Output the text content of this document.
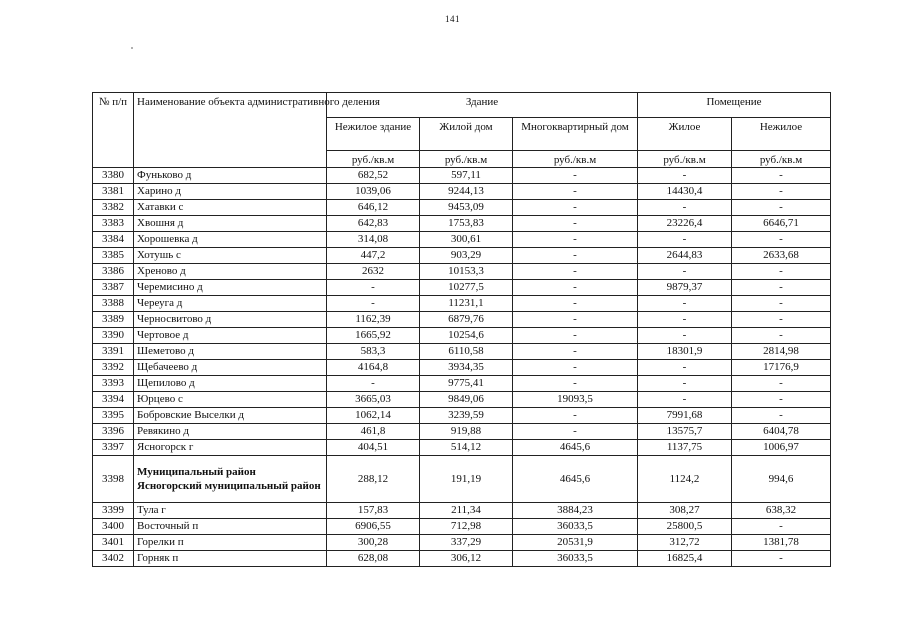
141
№ п/п	Наименование объекта административного деления	Здание			Помещение	
		Нежилое здание	Жилой дом	Многоквартирный дом	Жилое	Нежилое
		руб./кв.м	руб./кв.м	руб./кв.м	руб./кв.м	руб./кв.м
3380	Фуньково д	682,52	597,11	-	-	-
3381	Харино д	1039,06	9244,13	-	14430,4	-
3382	Хатавки с	646,12	9453,09	-	-	-
3383	Хвошня д	642,83	1753,83	-	23226,4	6646,71
3384	Хорошевка д	314,08	300,61	-	-	-
3385	Хотушь с	447,2	903,29	-	2644,83	2633,68
3386	Хреново д	2632	10153,3	-	-	-
3387	Черемисино д	-	10277,5	-	9879,37	-
3388	Череуга д	-	11231,1	-	-	-
3389	Черносвитово д	1162,39	6879,76	-	-	-
3390	Чертовое д	1665,92	10254,6	-	-	-
3391	Шеметово д	583,3	6110,58	-	18301,9	2814,98
3392	Щебачеево д	4164,8	3934,35	-	-	17176,9
3393	Щепилово д	-	9775,41	-	-	-
3394	Юрцево с	3665,03	9849,06	19093,5	-	-
3395	Бобровские Выселки д	1062,14	3239,59	-	7991,68	-
3396	Ревякино д	461,8	919,88	-	13575,7	6404,78
3397	Ясногорск г	404,51	514,12	4645,6	1137,75	1006,97
3398	Муниципальный район Ясногорский муниципальный район	288,12	191,19	4645,6	1124,2	994,6
3399	Тула г	157,83	211,34	3884,23	308,27	638,32
3400	Восточный п	6906,55	712,98	36033,5	25800,5	-
3401	Горелки п	300,28	337,29	20531,9	312,72	1381,78
3402	Горняк п	628,08	306,12	36033,5	16825,4	-
